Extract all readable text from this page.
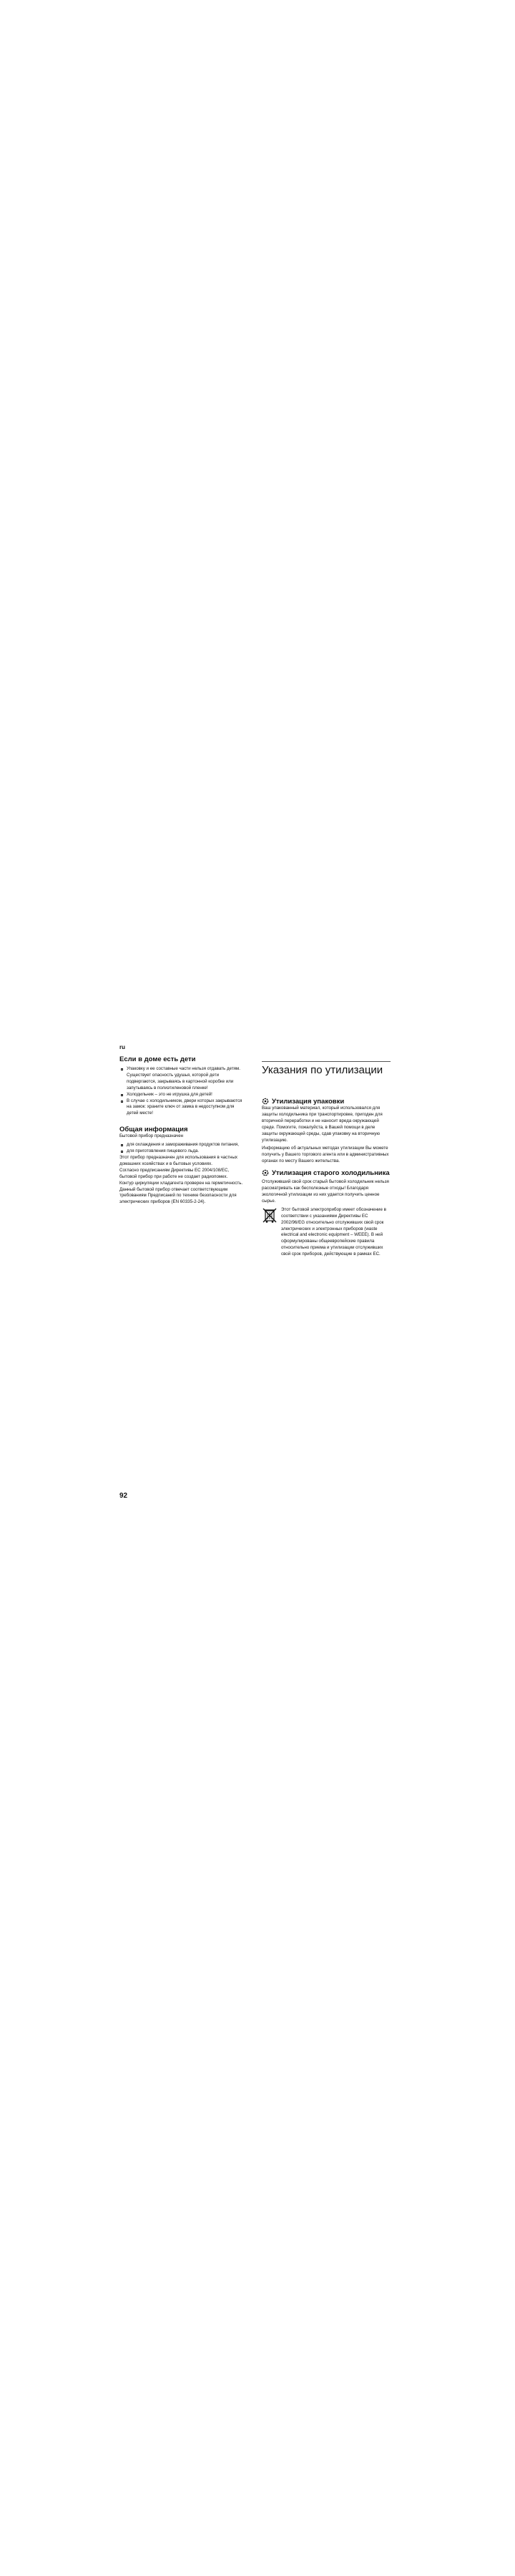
ru

Если в доме есть дети

Упаковку и ее составные части нельзя отдавать детям. Существует опасность удушья, которой дети подвергаются, закрываясь в картонной коробке или запутываясь в полиэтиленовой пленке!

Холодильник – это не игрушка для детей!

В случае с холодильником, двери которых закрываются на замок: храните ключ от замка в недоступном для детей месте!

Общая информация

Бытовой прибор предназначен

для охлаждения и замораживания продуктов питания,

для приготовления пищевого льда.

Этот прибор предназначен для использования в частных домашних хозяйствах и в бытовых условиях.

Согласно предписаниям Директивы ЕС 2004/108/EC, бытовой прибор при работе не создает радиопомех.

Контур циркуляции хладагента проверен на герметичность.

Данный бытовой прибор отвечает соответствующим требованиям Предписаний по технике безопасности для электрических приборов (EN 60335-2-24).

Указания по утилизации
Утилизация упаковки

Ваш упакованный материал, который использовался для защиты холодильника при транспортировке, пригоден для вторичной переработки и не наносит вреда окружающей среде. Помогите, пожалуйста, в Вашей помощи в деле защиты окружающей среды, сдав упаковку на вторичную утилизацию.

Информацию об актуальных методах утилизации Вы можете получить у Вашего торгового агента или в административных органах по месту Вашего жительства.

Утилизация старого холодильника

Отслуживший свой срок старый бытовой холодильник нельзя рассматривать как бесполезные отходы! Благодаря экологичной утилизации из них удается получить ценное сырье.

Этот бытовой электроприбор имеет обозначение в соответствии с указаниями Директивы ЕС 2002/96/EG относительно отслуживших свой срок электрических и электронных приборов (waste electrical and electronic equipment – WEEE). В ней сформулированы общеевропейские правила относительно приема и утилизации отслуживших свой срок приборов, действующие в рамках ЕС.

92
